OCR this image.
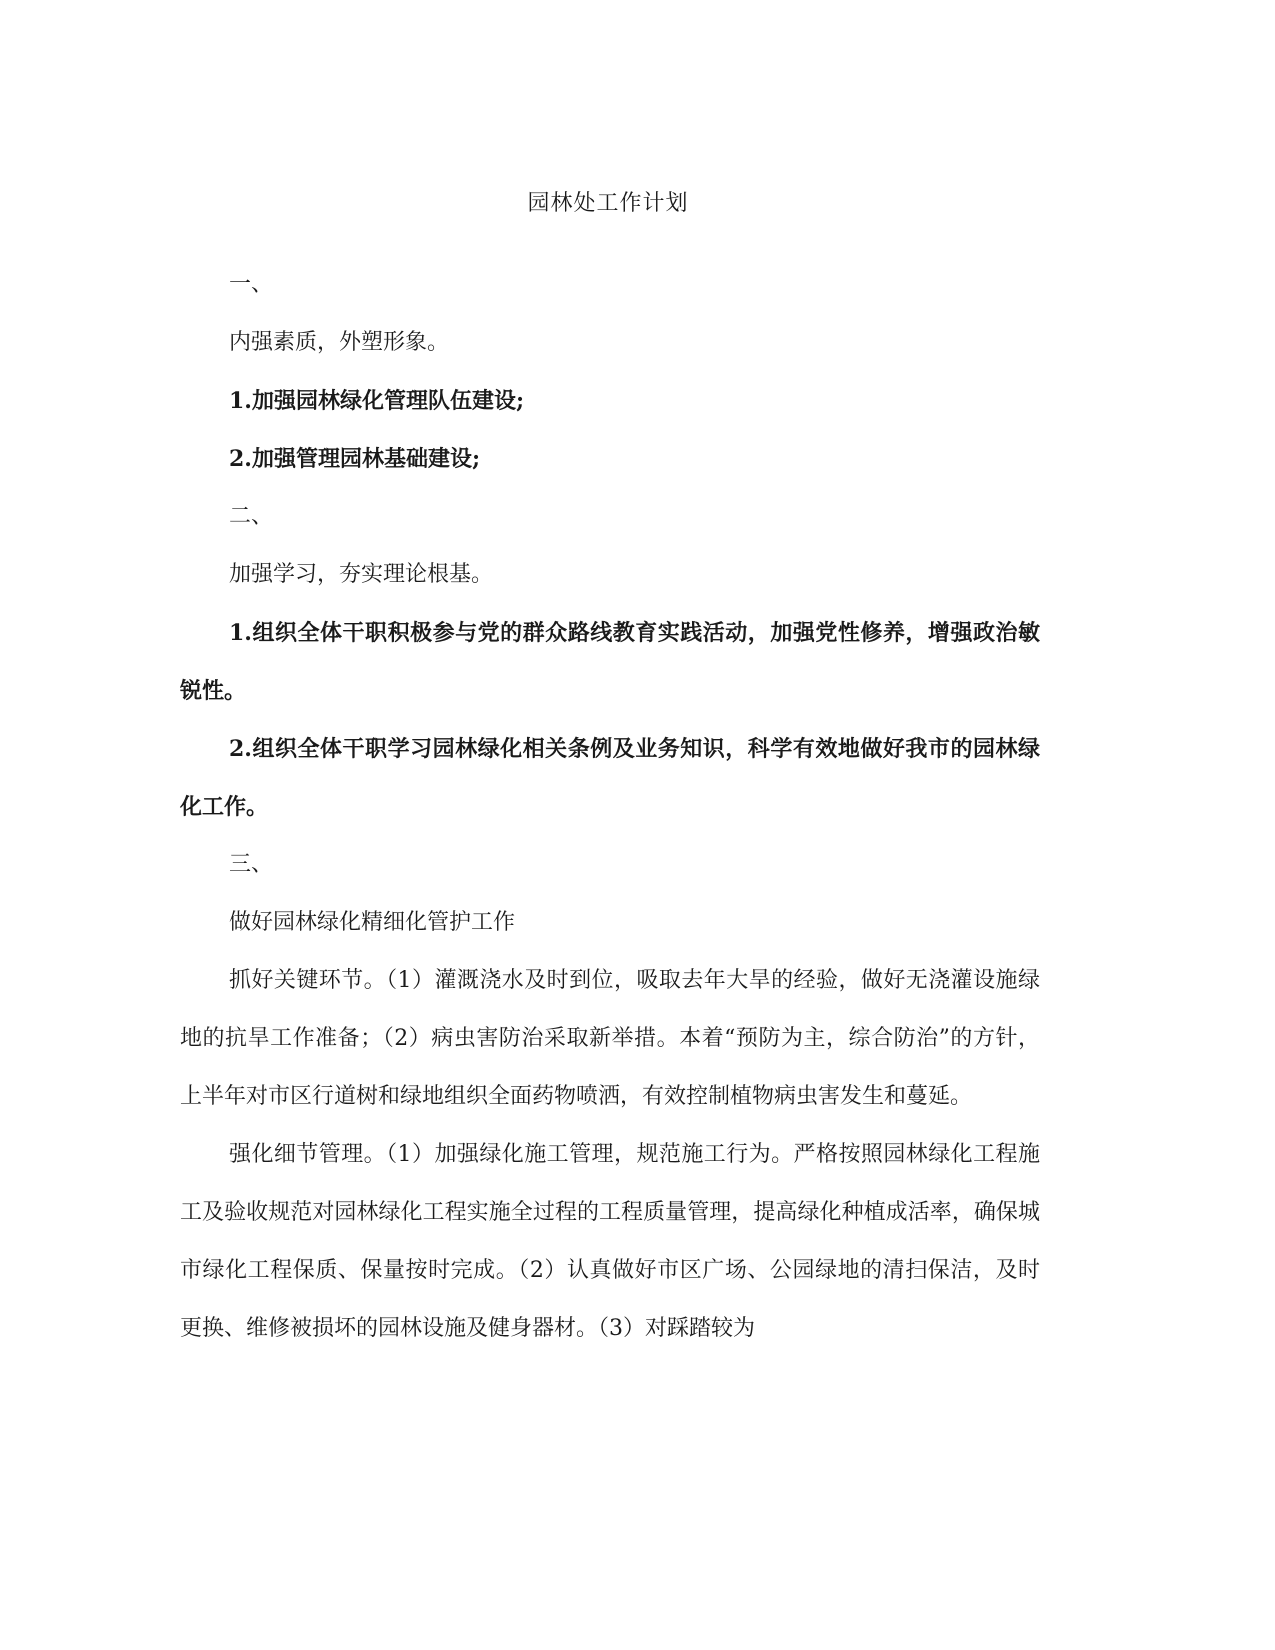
园林处工作计划

一、

内强素质，外塑形象。

1.加强园林绿化管理队伍建设;

2.加强管理园林基础建设;

二、

加强学习，夯实理论根基。

1.组织全体干职积极参与党的群众路线教育实践活动，加强党性修养，增强政治敏锐性。

2.组织全体干职学习园林绿化相关条例及业务知识，科学有效地做好我市的园林绿化工作。

三、

做好园林绿化精细化管护工作

抓好关键环节。（1）灌溉浇水及时到位，吸取去年大旱的经验，做好无浇灌设施绿地的抗旱工作准备；（2）病虫害防治采取新举措。本着“预防为主，综合防治”的方针，上半年对市区行道树和绿地组织全面药物喷洒，有效控制植物病虫害发生和蔓延。

强化细节管理。（1）加强绿化施工管理，规范施工行为。严格按照园林绿化工程施工及验收规范对园林绿化工程实施全过程的工程质量管理，提高绿化种植成活率，确保城市绿化工程保质、保量按时完成。（2）认真做好市区广场、公园绿地的清扫保洁，及时更换、维修被损坏的园林设施及健身器材。（3）对踩踏较为
